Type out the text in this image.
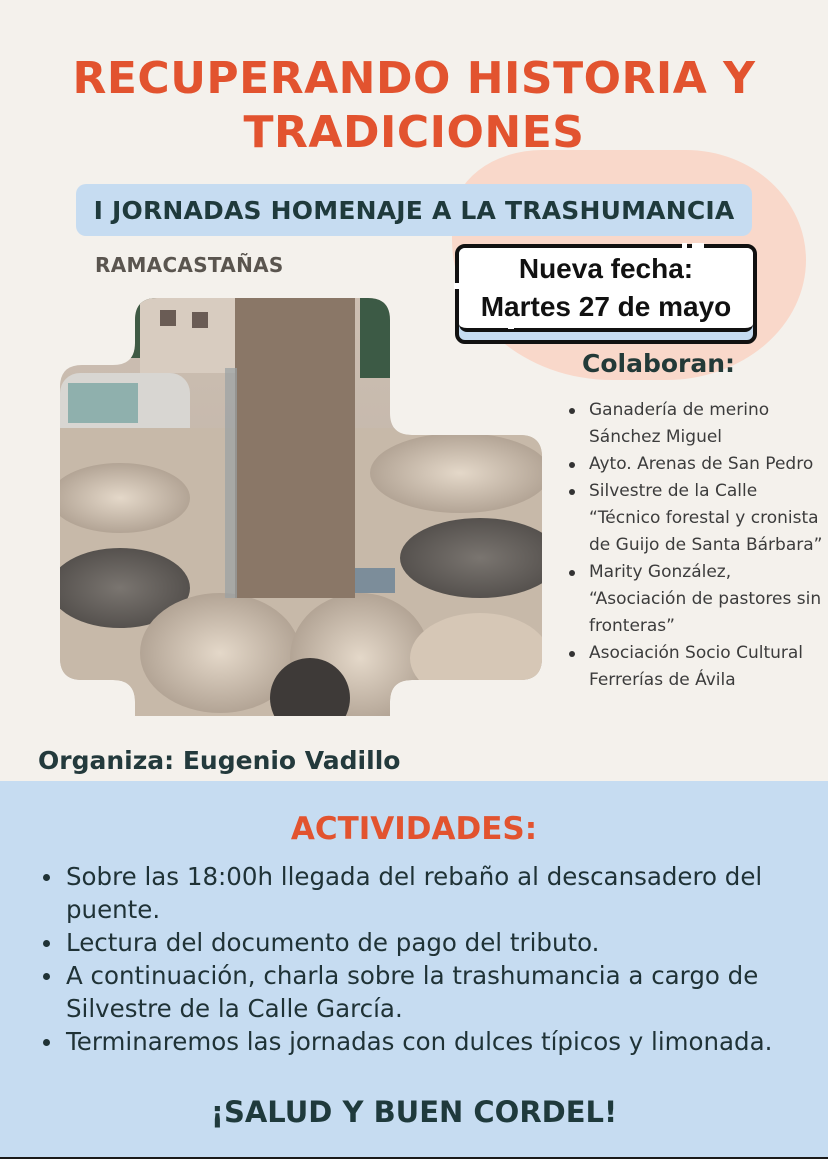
RECUPERANDO HISTORIA Y
TRADICIONES
I JORNADAS HOMENAJE A LA TRASHUMANCIA
RAMACASTAÑAS	Nueva fecha:
Martes 27 de mayo
Colaboran:
Ganadería de merino Sánchez Miguel
Ayto. Arenas de San Pedro
Silvestre de la Calle “Técnico forestal y cronista de Guijo de Santa Bárbara”
Marity González, “Asociación de pastores sin fronteras”
Asociación Socio Cultural Ferrerías de Ávila
Organiza: Eugenio Vadillo
ACTIVIDADES:
Sobre las 18:00h llegada del rebaño al descansadero del puente.
Lectura del documento de pago del tributo.
A continuación, charla sobre la trashumancia a cargo de Silvestre de la Calle García.
Terminaremos las jornadas con dulces típicos y limonada.
¡SALUD Y BUEN CORDEL!
